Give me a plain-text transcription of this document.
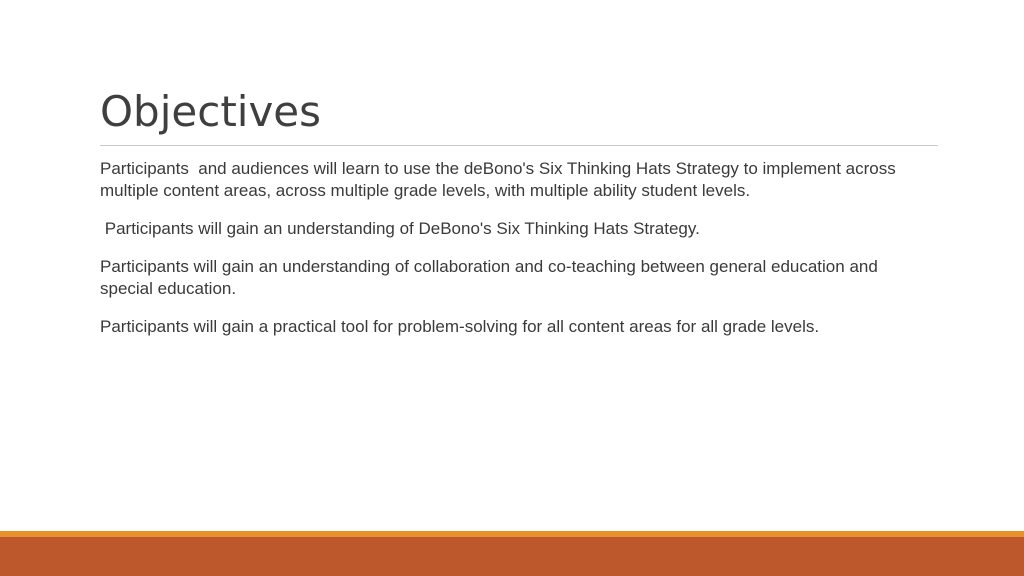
Objectives

Participants  and audiences will learn to use the deBono's Six Thinking Hats Strategy to implement across multiple content areas, across multiple grade levels, with multiple ability student levels.

Participants will gain an understanding of DeBono's Six Thinking Hats Strategy.

Participants will gain an understanding of collaboration and co-teaching between general education and special education.

Participants will gain a practical tool for problem-solving for all content areas for all grade levels.
